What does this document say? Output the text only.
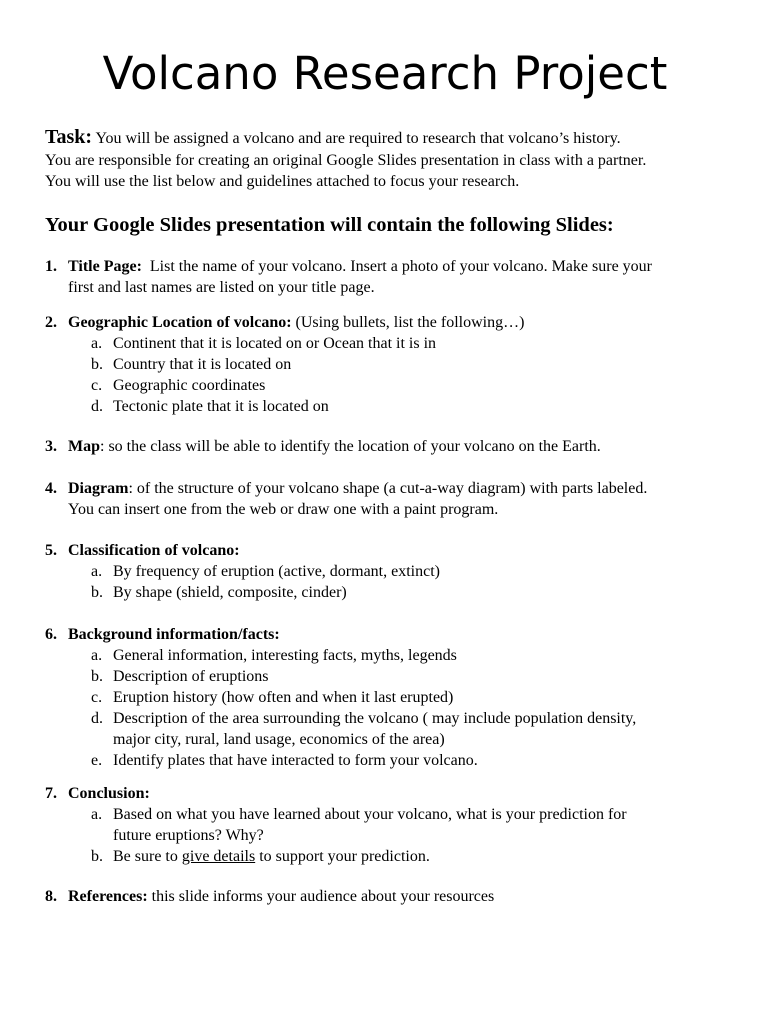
Volcano Research Project
Task: You will be assigned a volcano and are required to research that volcano’s history.
You are responsible for creating an original Google Slides presentation in class with a partner.
You will use the list below and guidelines attached to focus your research.
Your Google Slides presentation will contain the following Slides:
1. Title Page: List the name of your volcano. Insert a photo of your volcano. Make sure your
first and last names are listed on your title page.
2. Geographic Location of volcano: (Using bullets, list the following…)
a. Continent that it is located on or Ocean that it is in
b. Country that it is located on
c. Geographic coordinates
d. Tectonic plate that it is located on
3. Map: so the class will be able to identify the location of your volcano on the Earth.
4. Diagram: of the structure of your volcano shape (a cut-a-way diagram) with parts labeled.
You can insert one from the web or draw one with a paint program.
5. Classification of volcano:
a. By frequency of eruption (active, dormant, extinct)
b. By shape (shield, composite, cinder)
6. Background information/facts:
a. General information, interesting facts, myths, legends
b. Description of eruptions
c. Eruption history (how often and when it last erupted)
d. Description of the area surrounding the volcano ( may include population density,
major city, rural, land usage, economics of the area)
e. Identify plates that have interacted to form your volcano.
7. Conclusion:
a. Based on what you have learned about your volcano, what is your prediction for
future eruptions? Why?
b. Be sure to give details to support your prediction.
8. References: this slide informs your audience about your resources
